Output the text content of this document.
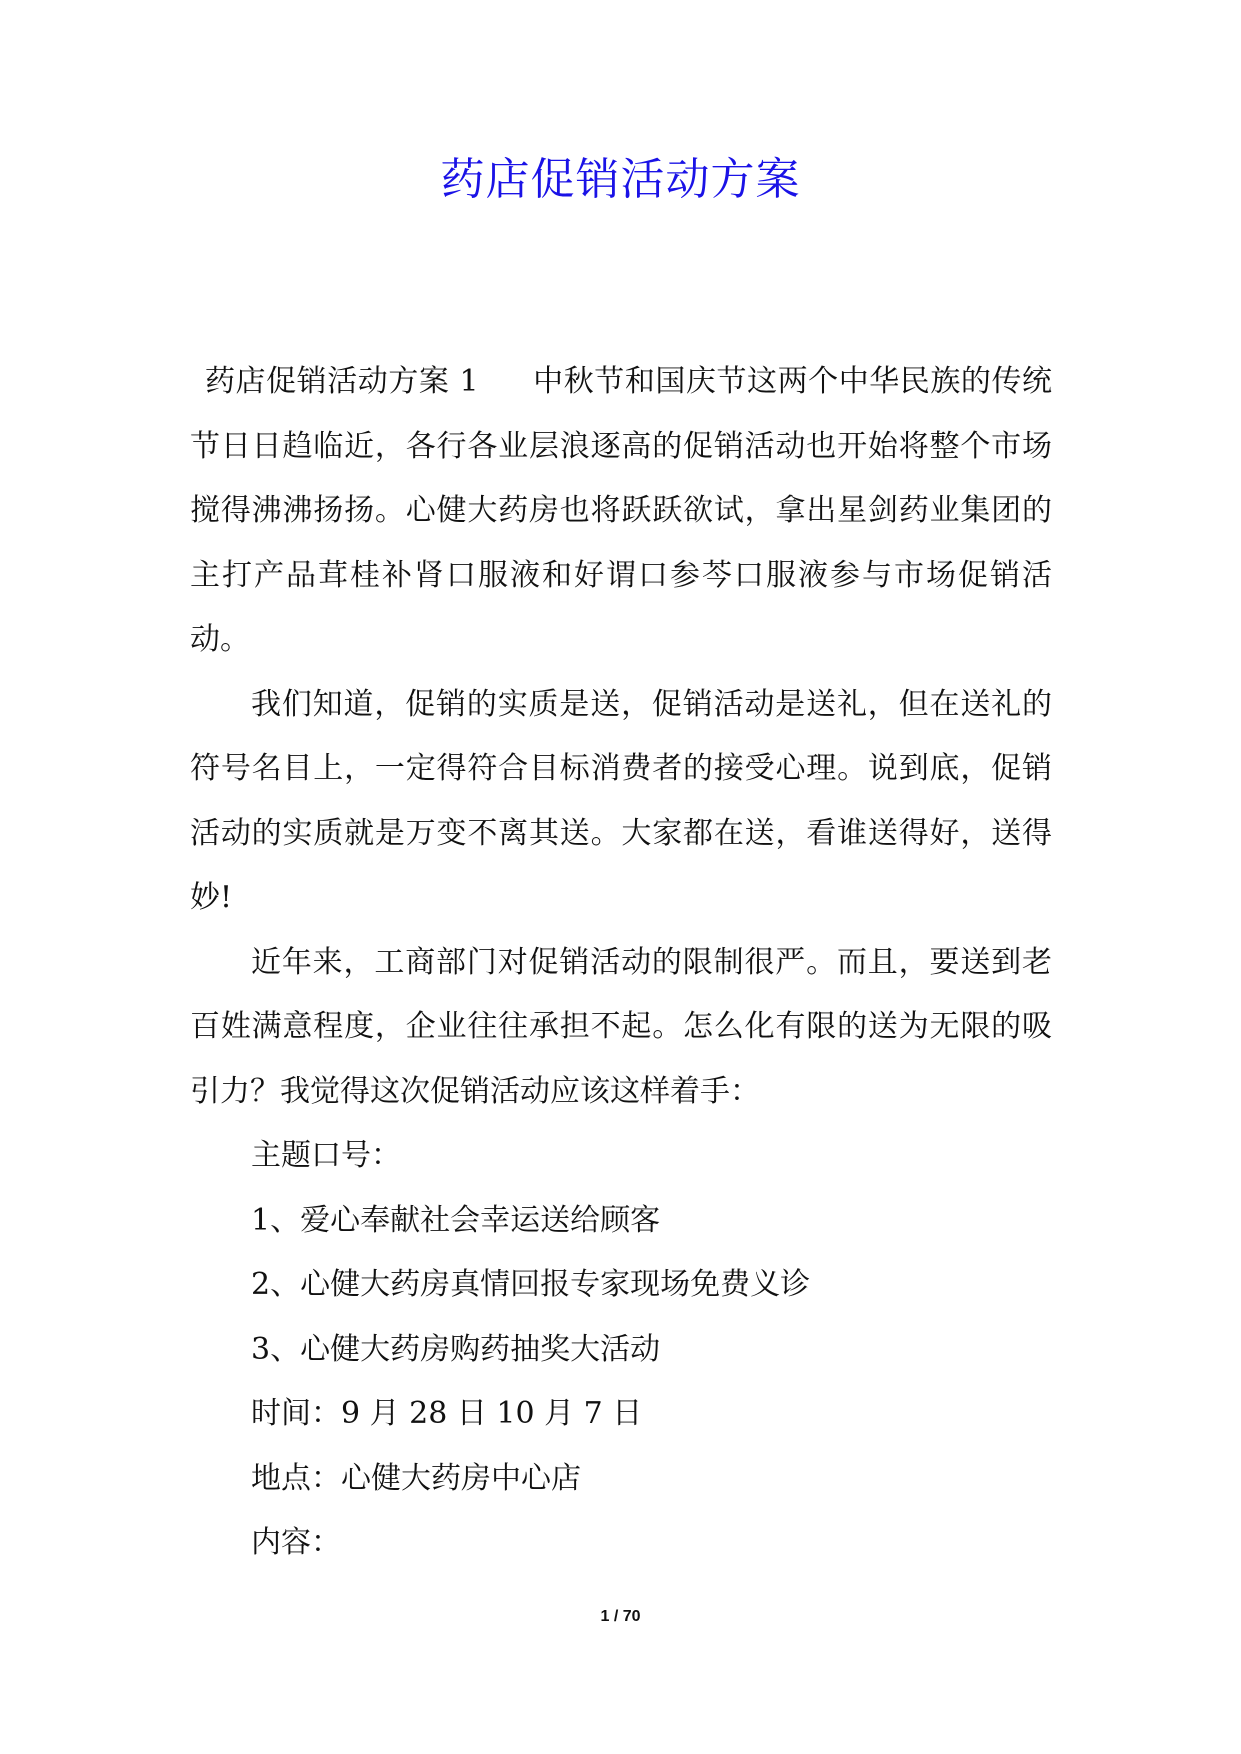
药店促销活动方案

药店促销活动方案 1 中秋节和国庆节这两个中华民族的传统节日日趋临近，各行各业层浪逐高的促销活动也开始将整个市场搅得沸沸扬扬。心健大药房也将跃跃欲试，拿出星剑药业集团的主打产品茸桂补肾口服液和好谓口参芩口服液参与市场促销活动。

我们知道，促销的实质是送，促销活动是送礼，但在送礼的符号名目上，一定得符合目标消费者的接受心理。说到底，促销活动的实质就是万变不离其送。大家都在送，看谁送得好，送得妙!

近年来，工商部门对促销活动的限制很严。而且，要送到老百姓满意程度，企业往往承担不起。怎么化有限的送为无限的吸引力？我觉得这次促销活动应该这样着手：

主题口号：

1、爱心奉献社会幸运送给顾客

2、心健大药房真情回报专家现场免费义诊

3、心健大药房购药抽奖大活动

时间：9 月 28 日 10 月 7 日

地点：心健大药房中心店

内容：

1 / 70
